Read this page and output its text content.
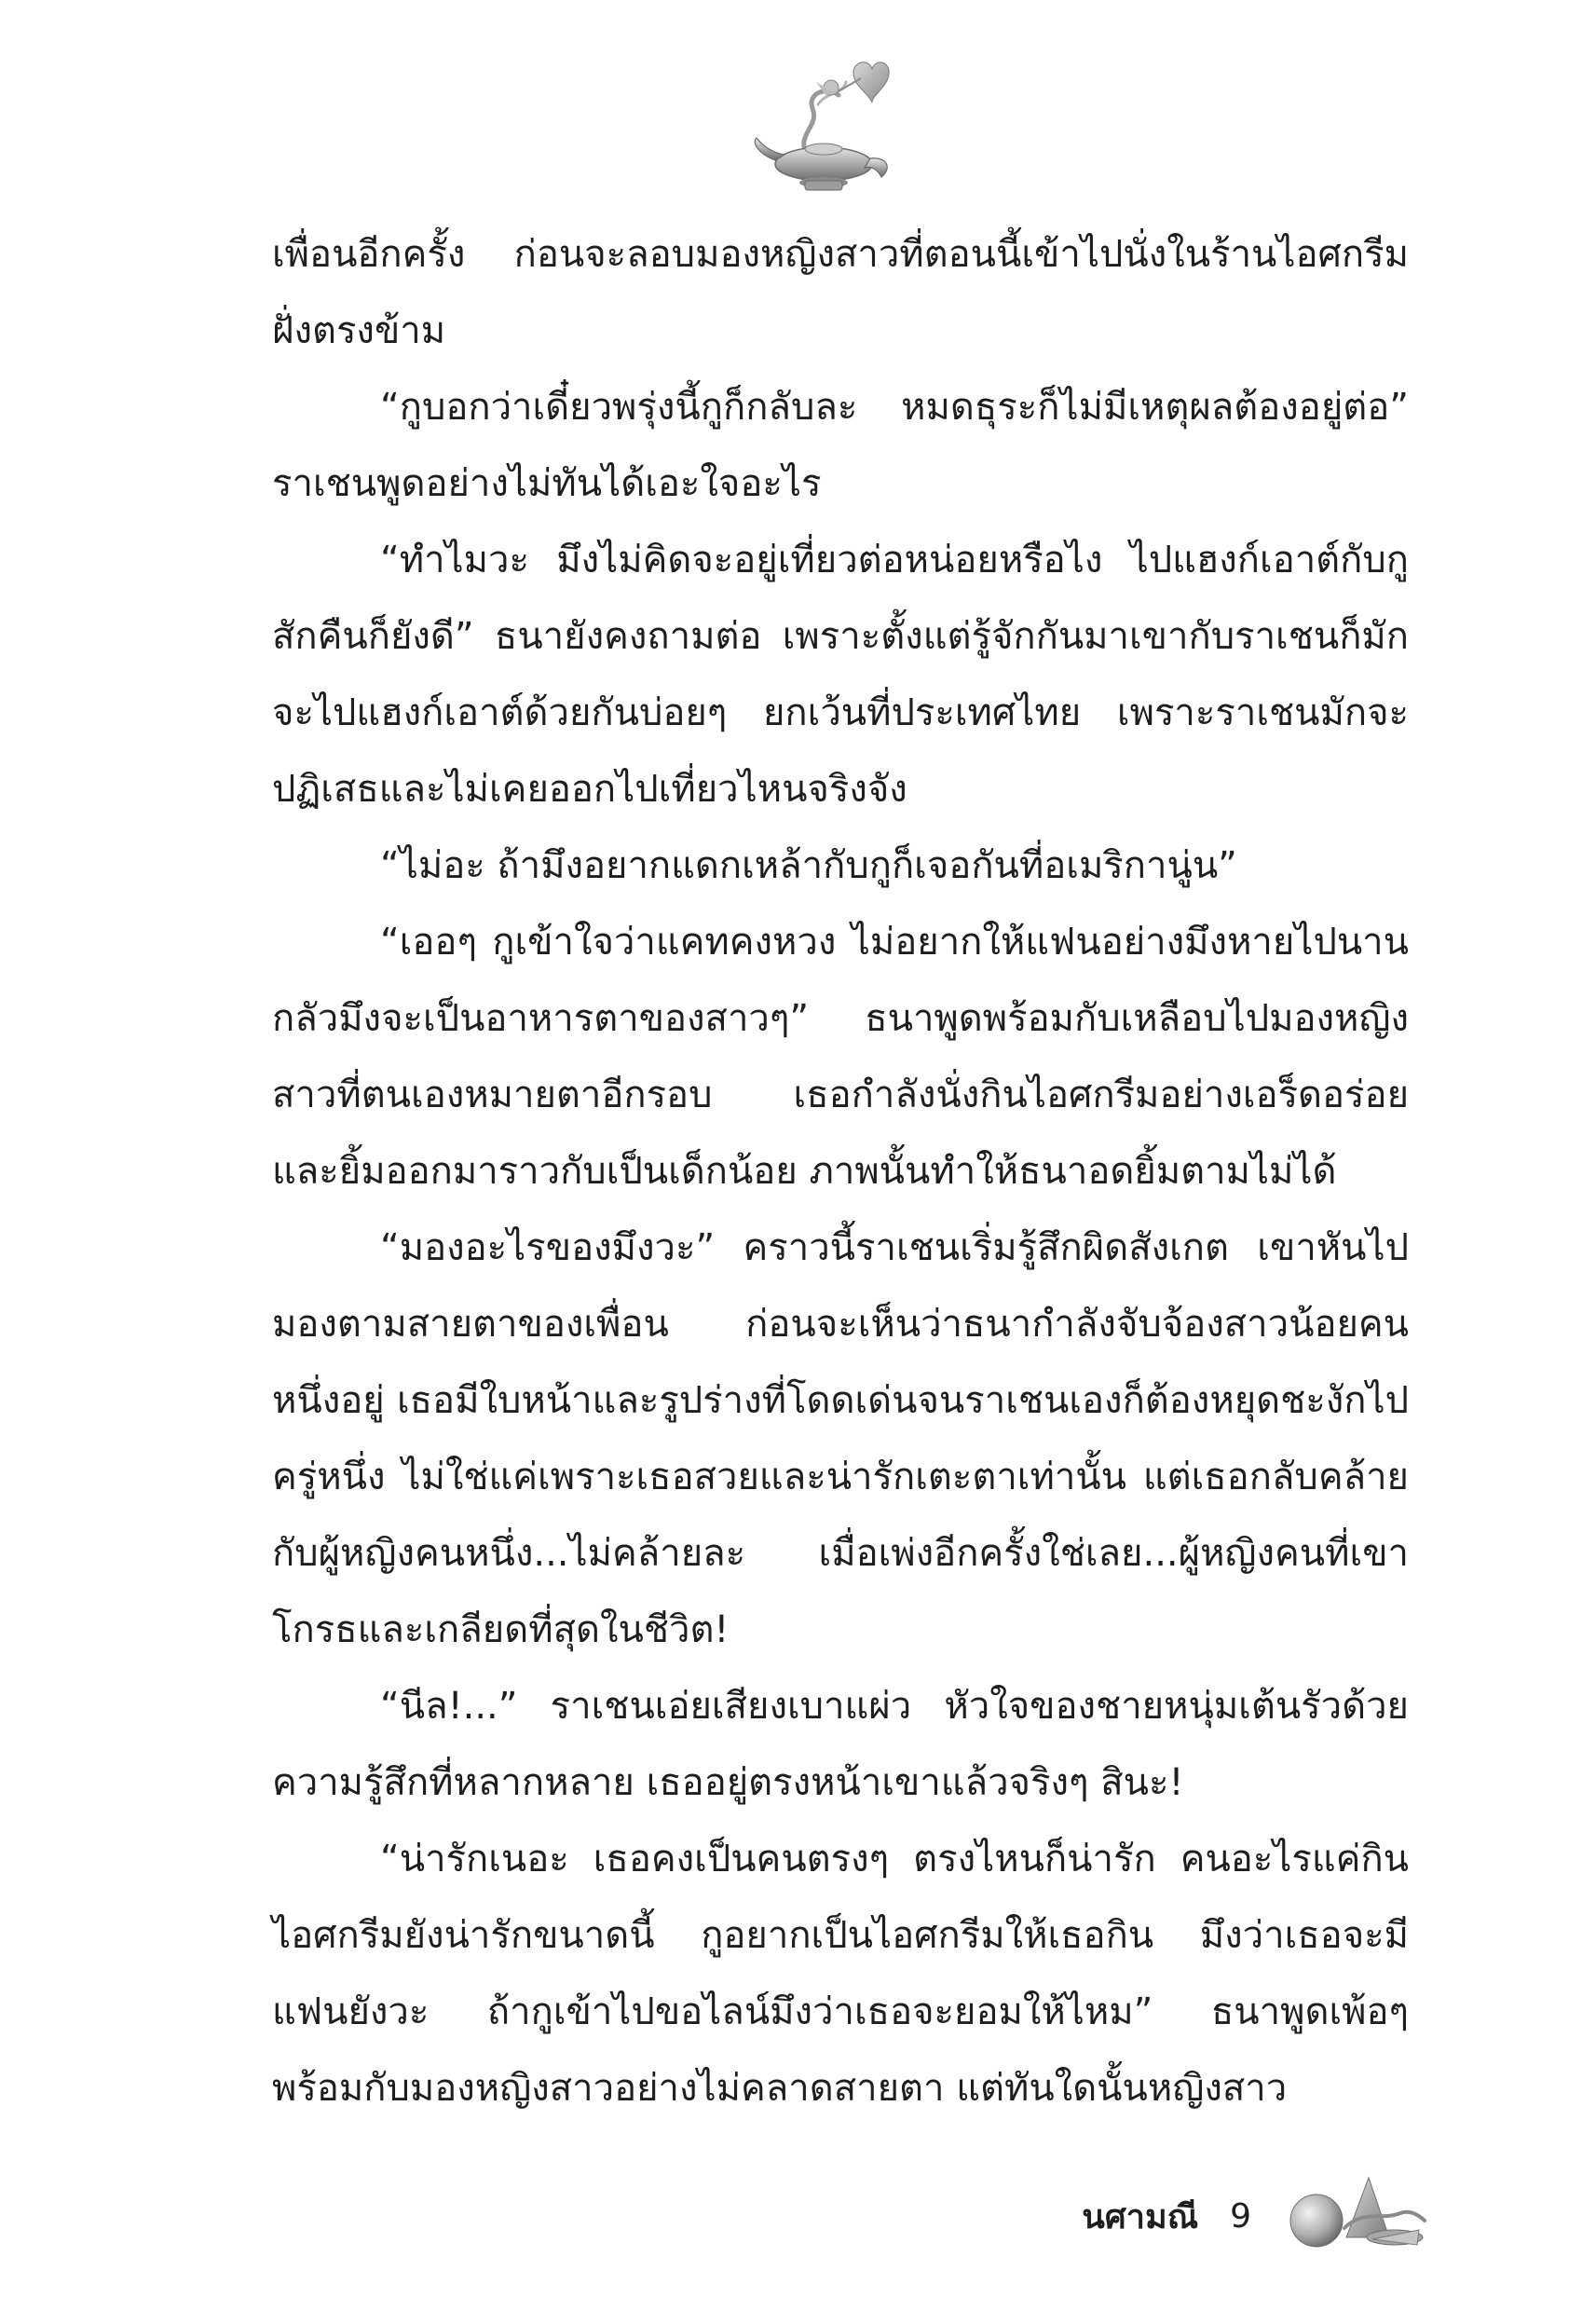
เพื่อนอีกครั้ง ก่อนจะลอบมองหญิงสาวที่ตอนนี้เข้าไปนั่งในร้านไอศกรีมฝั่งตรงข้าม

“กูบอกว่าเดี๋ยวพรุ่งนี้กูก็กลับละ หมดธุระก็ไม่มีเหตุผลต้องอยู่ต่อ” ราเชนพูดอย่างไม่ทันได้เอะใจอะไร

“ทำไมวะ มึงไม่คิดจะอยู่เที่ยวต่อหน่อยหรือไง ไปแฮงก์เอาต์กับกูสักคืนก็ยังดี” ธนายังคงถามต่อ เพราะตั้งแต่รู้จักกันมาเขากับราเชนก็มักจะไปแฮงก์เอาต์ด้วยกันบ่อยๆ ยกเว้นที่ประเทศไทย เพราะราเชนมักจะปฏิเสธและไม่เคยออกไปเที่ยวไหนจริงจัง

“ไม่อะ ถ้ามึงอยากแดกเหล้ากับกูก็เจอกันที่อเมริกานู่น”

“เออๆ กูเข้าใจว่าแคทคงหวง ไม่อยากให้แฟนอย่างมึงหายไปนาน กลัวมึงจะเป็นอาหารตาของสาวๆ” ธนาพูดพร้อมกับเหลือบไปมองหญิงสาวที่ตนเองหมายตาอีกรอบ เธอกำลังนั่งกินไอศกรีมอย่างเอร็ดอร่อย และยิ้มออกมาราวกับเป็นเด็กน้อย ภาพนั้นทำให้ธนาอดยิ้มตามไม่ได้

“มองอะไรของมึงวะ” คราวนี้ราเชนเริ่มรู้สึกผิดสังเกต เขาหันไปมองตามสายตาของเพื่อน ก่อนจะเห็นว่าธนากำลังจับจ้องสาวน้อยคนหนึ่งอยู่ เธอมีใบหน้าและรูปร่างที่โดดเด่นจนราเชนเองก็ต้องหยุดชะงักไปครู่หนึ่ง ไม่ใช่แค่เพราะเธอสวยและน่ารักเตะตาเท่านั้น แต่เธอกลับคล้ายกับผู้หญิงคนหนึ่ง...ไม่คล้ายละ เมื่อเพ่งอีกครั้งใช่เลย...ผู้หญิงคนที่เขาโกรธและเกลียดที่สุดในชีวิต!

“นีล!...” ราเชนเอ่ยเสียงเบาแผ่ว หัวใจของชายหนุ่มเต้นรัวด้วยความรู้สึกที่หลากหลาย เธออยู่ตรงหน้าเขาแล้วจริงๆ สินะ!

“น่ารักเนอะ เธอคงเป็นคนตรงๆ ตรงไหนก็น่ารัก คนอะไรแค่กินไอศกรีมยังน่ารักขนาดนี้ กูอยากเป็นไอศกรีมให้เธอกิน มึงว่าเธอจะมีแฟนยังวะ ถ้ากูเข้าไปขอไลน์มึงว่าเธอจะยอมให้ไหม” ธนาพูดเพ้อๆ พร้อมกับมองหญิงสาวอย่างไม่คลาดสายตา แต่ทันใดนั้นหญิงสาว

นศามณี 9
